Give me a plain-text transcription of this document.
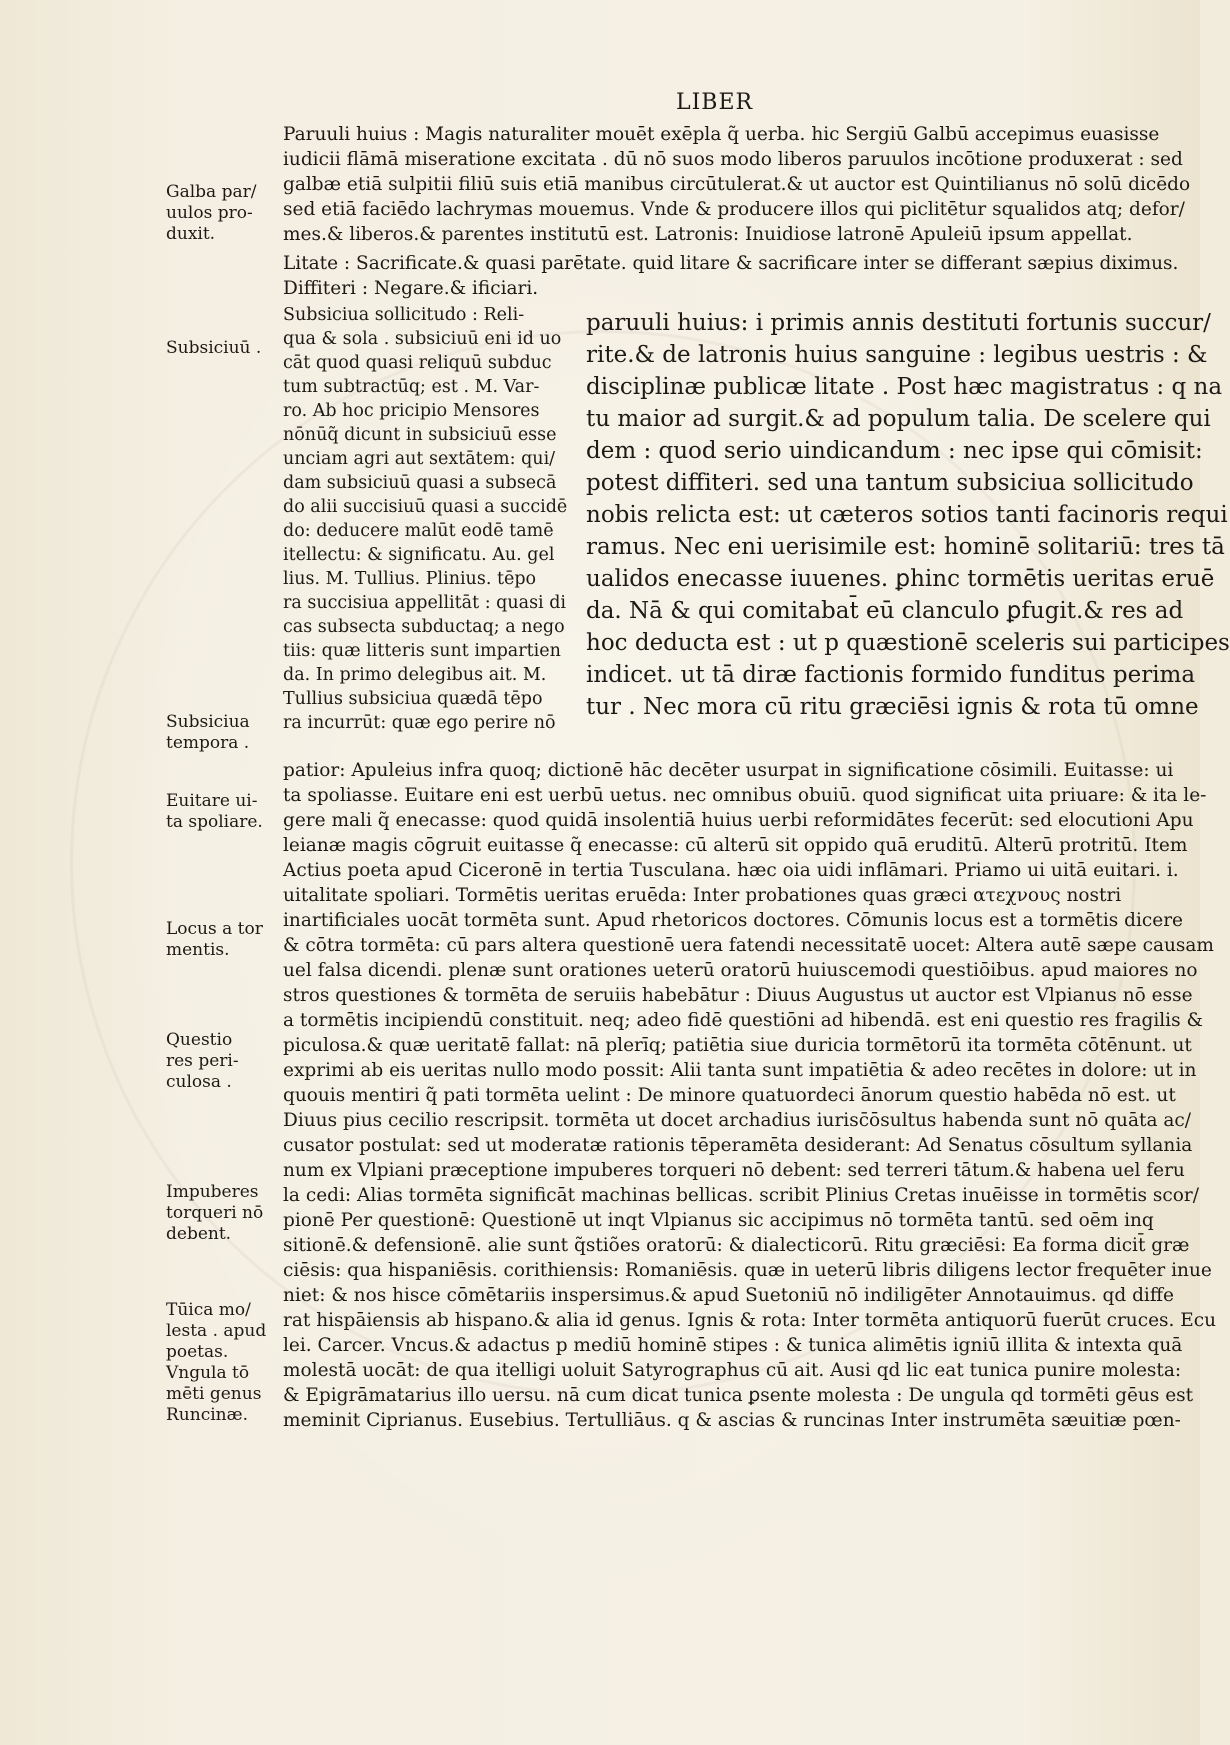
LIBER
Paruuli huius : Magis naturaliter mouēt exēpla q̃ uerba. hic Sergiū Galbū accepimus euasisse
iudicii flāmā miseratione excitata . dū nō suos modo liberos paruulos incōtione produxerat : sed
galbæ etiā sulpitii filiū suis etiā manibus circūtulerat.& ut auctor est Quintilianus nō solū dicēdo
sed etiā faciēdo lachrymas mouemus. Vnde & producere illos qui piclitētur squalidos atq; defor/
mes.& liberos.& parentes institutū est. Latronis: Inuidiose latronē Apuleiū ipsum appellat.
Litate : Sacrificate.& quasi parētate. quid litare & sacrificare inter se differant sæpius diximus.
Diffiteri : Negare.& ificiari.
Subsiciua sollicitudo : Reli-
qua & sola . subsiciuū eni id uo
cāt quod quasi reliquū subduc
tum subtractūq; est . M. Var-
ro. Ab hoc pricipio Mensores
nōnūq̃ dicunt in subsiciuū esse
unciam agri aut sextātem: qui/
dam subsiciuū quasi a subsecā
do alii succisiuū quasi a succidē
do: deducere malūt eodē tamē
itellectu: & significatu. Au. gel
lius. M. Tullius. Plinius. tēpo
ra succisiua appellitāt : quasi di
cas subsecta subductaq; a nego
tiis: quæ litteris sunt impartien
da. In primo delegibus ait. M.
Tullius subsiciua quædā tēpo
ra incurrūt: quæ ego perire nō
paruuli huius: i primis annis destituti fortunis succur/
rite.& de latronis huius sanguine : legibus uestris : &
disciplinæ publicæ litate . Post hæc magistratus : q na
tu maior ad surgit.& ad populum talia. De scelere qui
dem : quod serio uindicandum : nec ipse qui cōmisit:
potest diffiteri. sed una tantum subsiciua sollicitudo
nobis relicta est: ut cæteros sotios tanti facinoris requi
ramus. Nec eni uerisimile est: hominē solitariū: tres tā
ualidos enecasse iuuenes. ꝑhinc tormētis ueritas eruē
da. Nā & qui comitabat̄ eū clanculo ꝑfugit.& res ad
hoc deducta est : ut p quæstionē sceleris sui participes
indicet. ut tā diræ factionis formido funditus perima
tur . Nec mora cū ritu græciēsi ignis & rota tū omne
patior: Apuleius infra quoq; dictionē hāc decēter usurpat in significatione cōsimili. Euitasse: ui
ta spoliasse. Euitare eni est uerbū uetus. nec omnibus obuiū. quod significat uita priuare: & ita le-
gere mali q̃ enecasse: quod quidā insolentiā huius uerbi reformidātes fecerūt: sed elocutioni Apu
leianæ magis cōgruit euitasse q̃ enecasse: cū alterū sit oppido quā eruditū. Alterū protritū. Item
Actius poeta apud Ciceronē in tertia Tusculana. hæc oia uidi inflāmari. Priamo ui uitā euitari. i.
uitalitate spoliari. Tormētis ueritas eruēda: Inter probationes quas græci ατεχνους nostri
inartificiales uocāt tormēta sunt. Apud rhetoricos doctores. Cōmunis locus est a tormētis dicere
& cōtra tormēta: cū pars altera questionē uera fatendi necessitatē uocet: Altera autē sæpe causam
uel falsa dicendi. plenæ sunt orationes ueterū oratorū huiuscemodi questiōibus. apud maiores no
stros questiones & tormēta de seruiis habebātur : Diuus Augustus ut auctor est Vlpianus nō esse
a tormētis incipiendū constituit. neq; adeo fidē questiōni ad hibendā. est eni questio res fragilis &
piculosa.& quæ ueritatē fallat: nā plerīq; patiētia siue duricia tormētorū ita tormēta cōtēnunt. ut
exprimi ab eis ueritas nullo modo possit: Alii tanta sunt impatiētia & adeo recētes in dolore: ut in
quouis mentiri q̃ pati tormēta uelint : De minore quatuordeci ānorum questio habēda nō est. ut
Diuus pius cecilio rescripsit. tormēta ut docet archadius iurisc̄ōsultus habenda sunt nō quāta ac/
cusator postulat: sed ut moderatæ rationis tēperamēta desiderant: Ad Senatus cōsultum syllania
num ex Vlpiani præceptione impuberes torqueri nō debent: sed terreri tātum.& habena uel feru
la cedi: Alias tormēta significāt machinas bellicas. scribit Plinius Cretas inuēisse in tormētis scor/
pionē Per questionē: Questionē ut inqt Vlpianus sic accipimus nō tormēta tantū. sed oēm inq
sitionē.& defensionē. alie sunt q̃stiões oratorū: & dialecticorū. Ritu græciēsi: Ea forma dicit̄ græ
ciēsis: qua hispaniēsis. corithiensis: Romaniēsis. quæ in ueterū libris diligens lector frequēter inue
niet: & nos hisce cōmētariis inspersimus.& apud Suetoniū nō indiligēter Annotauimus. qd diffe
rat hispāiensis ab hispano.& alia id genus. Ignis & rota: Inter tormēta antiquorū fuerūt cruces. Ecu
lei. Carcer. Vncus.& adactus p mediū hominē stipes : & tunica alimētis igniū illita & intexta quā
molestā uocāt: de qua itelligi uoluit Satyrographus cū ait. Ausi qd lic eat tunica punire molesta:
& Epigrāmatarius illo uersu. nā cum dicat tunica ꝑsente molesta : De ungula qd tormēti gēus est
meminit Ciprianus. Eusebius. Tertulliāus. q & ascias & runcinas Inter instrumēta sæuitiæ pœn-
Galba par/
uulos pro-
duxit.
Subsiciuū .
Subsiciua
tempora .
Euitare ui-
ta spoliare.
Locus a tor
mentis.
Questio
res peri-
culosa .
Impuberes
torqueri nō
debent.
Tūica mo/
lesta . apud
poetas.
Vngula tō
mēti genus
Runcinæ.
